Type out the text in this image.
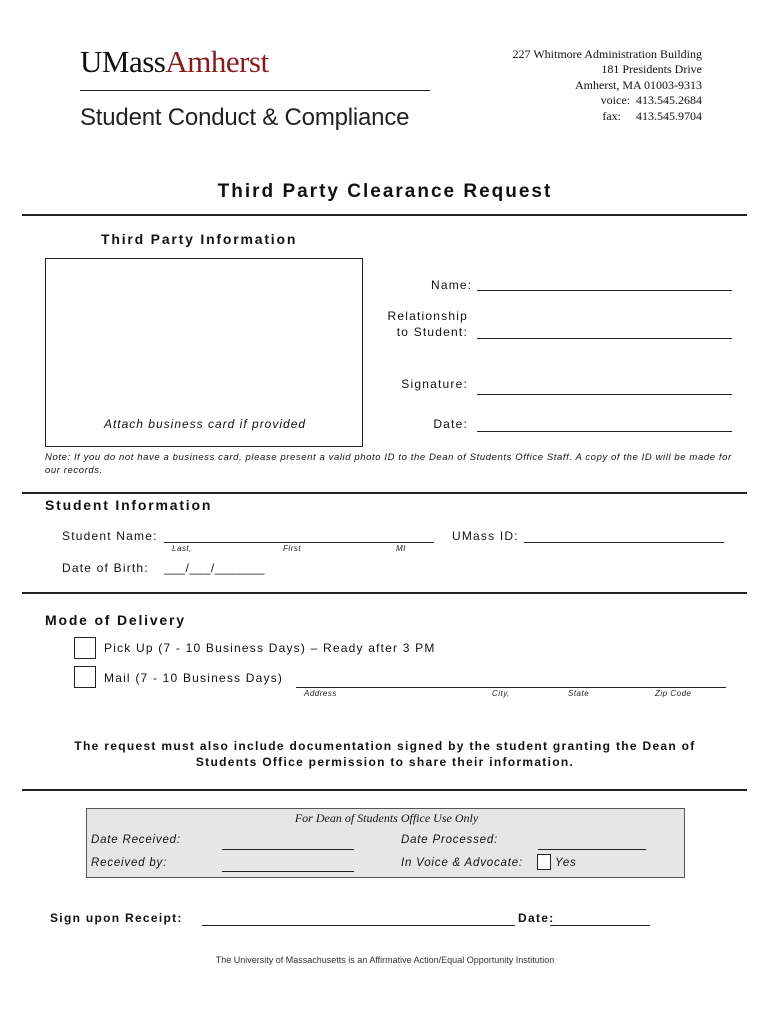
UMassAmherst
Student Conduct & Compliance
227 Whitmore Administration Building
181 Presidents Drive
Amherst, MA 01003-9313
voice:  413.545.2684
fax:     413.545.9704
Third Party Clearance Request
Third Party Information
Attach business card if provided
Name:
Relationship
to Student:
Signature:
Date:
Note: If you do not have a business card, please present a valid photo ID to the Dean of Students Office Staff. A copy of the ID will be made for our records.
Student Information
Student Name:
Last,	First	MI
UMass ID:
Date of Birth: ___/___/_______
Mode of Delivery
Pick Up (7 - 10 Business Days) – Ready after 3 PM
Mail (7 - 10 Business Days)
Address	City,	State	Zip Code
The request must also include documentation signed by the student granting the Dean of Students Office permission to share their information.
For Dean of Students Office Use Only
Date Received:
Received by:
Date Processed:
In Voice & Advocate:	Yes
Sign upon Receipt:	Date:
The University of Massachusetts is an Affirmative Action/Equal Opportunity Institution
